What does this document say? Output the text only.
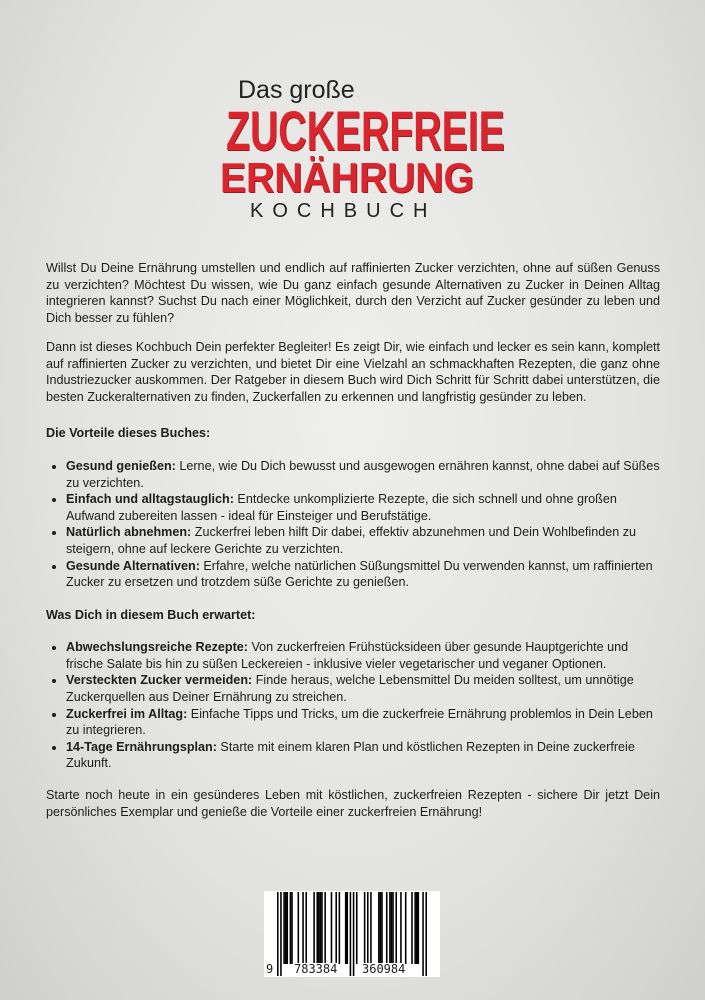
Das große
ZUCKERFREIE
ERNÄHRUNG
KOCHBUCH

Willst Du Deine Ernährung umstellen und endlich auf raffinierten Zucker verzichten, ohne auf süßen Genuss zu verzichten? Möchtest Du wissen, wie Du ganz einfach gesunde Alternativen zu Zucker in Deinen Alltag integrieren kannst? Suchst Du nach einer Möglichkeit, durch den Verzicht auf Zucker gesünder zu leben und Dich besser zu fühlen?

Dann ist dieses Kochbuch Dein perfekter Begleiter! Es zeigt Dir, wie einfach und lecker es sein kann, komplett auf raffinierten Zucker zu verzichten, und bietet Dir eine Vielzahl an schmackhaften Rezepten, die ganz ohne Industriezucker auskommen. Der Ratgeber in diesem Buch wird Dich Schritt für Schritt dabei unterstützen, die besten Zuckeralternativen zu finden, Zuckerfallen zu erkennen und langfristig gesünder zu leben.

Die Vorteile dieses Buches:
• Gesund genießen: Lerne, wie Du Dich bewusst und ausgewogen ernähren kannst, ohne dabei auf Süßes zu verzichten.
• Einfach und alltagstauglich: Entdecke unkomplizierte Rezepte, die sich schnell und ohne großen Aufwand zubereiten lassen - ideal für Einsteiger und Berufstätige.
• Natürlich abnehmen: Zuckerfrei leben hilft Dir dabei, effektiv abzunehmen und Dein Wohlbefinden zu steigern, ohne auf leckere Gerichte zu verzichten.
• Gesunde Alternativen: Erfahre, welche natürlichen Süßungsmittel Du verwenden kannst, um raffinierten Zucker zu ersetzen und trotzdem süße Gerichte zu genießen.
Was Dich in diesem Buch erwartet:
• Abwechslungsreiche Rezepte: Von zuckerfreien Frühstücksideen über gesunde Hauptgerichte und frische Salate bis hin zu süßen Leckereien - inklusive vieler vegetarischer und veganer Optionen.
• Versteckten Zucker vermeiden: Finde heraus, welche Lebensmittel Du meiden solltest, um unnötige Zuckerquellen aus Deiner Ernährung zu streichen.
• Zuckerfrei im Alltag: Einfache Tipps und Tricks, um die zuckerfreie Ernährung problemlos in Dein Leben zu integrieren.
• 14-Tage Ernährungsplan: Starte mit einem klaren Plan und köstlichen Rezepten in Deine zuckerfreie Zukunft.

Starte noch heute in ein gesünderes Leben mit köstlichen, zuckerfreien Rezepten - sichere Dir jetzt Dein persönliches Exemplar und genieße die Vorteile einer zuckerfreien Ernährung!

9 783384 360984
